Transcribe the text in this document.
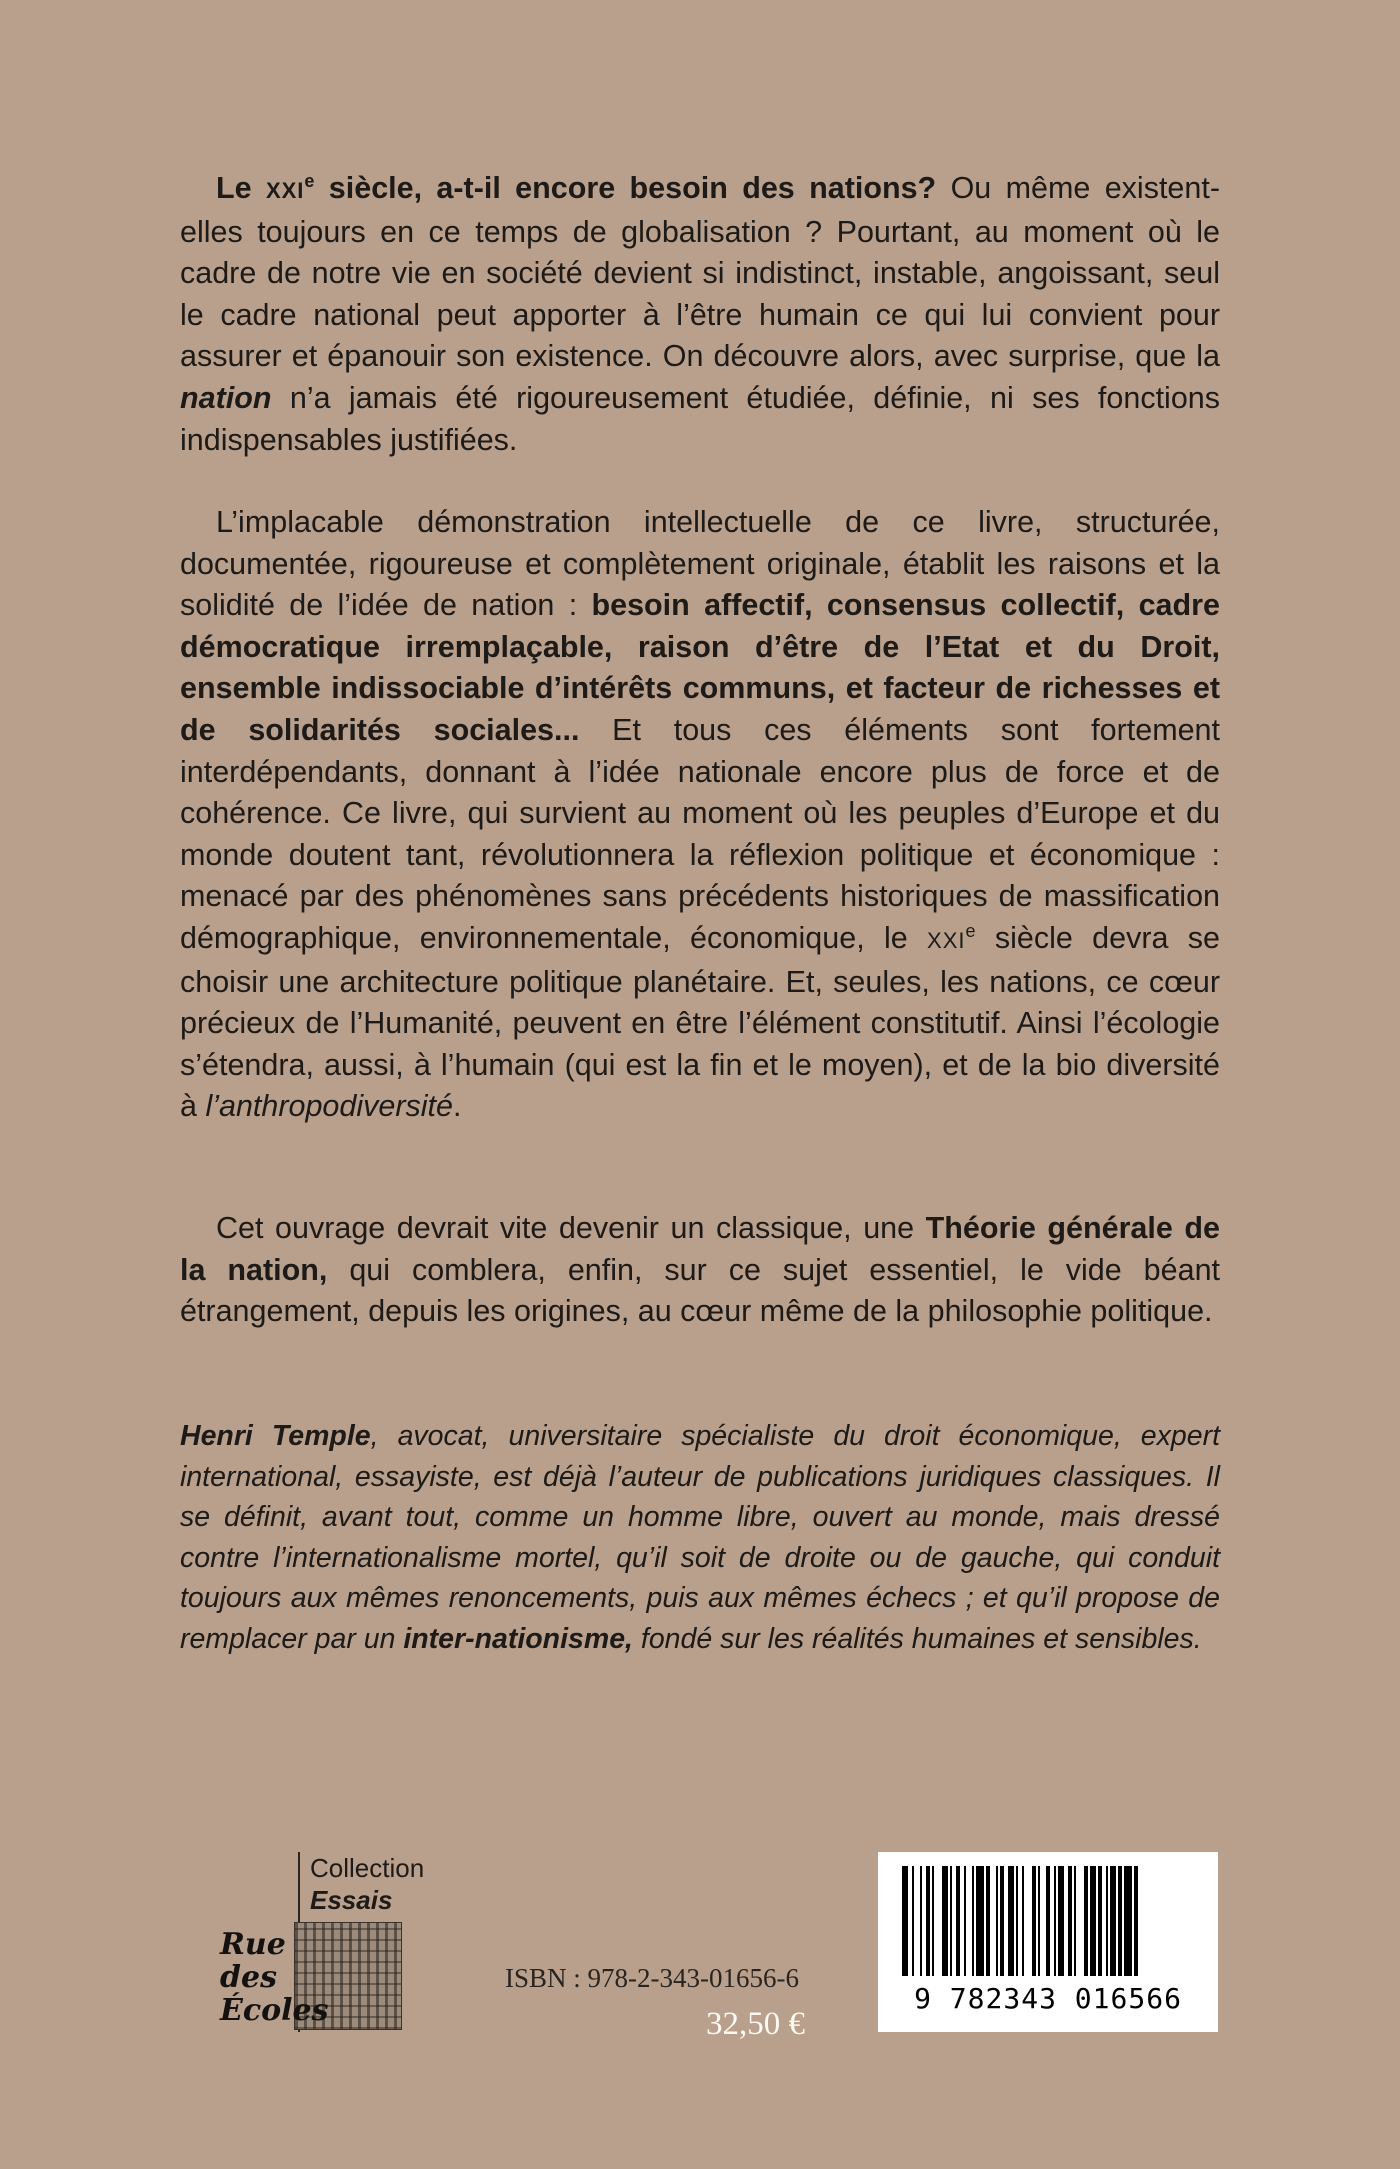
Le XXIe siècle, a-t-il encore besoin des nations? Ou même existent-elles toujours en ce temps de globalisation ? Pourtant, au moment où le cadre de notre vie en société devient si indistinct, instable, angoissant, seul le cadre national peut apporter à l’être humain ce qui lui convient pour assurer et épanouir son existence. On découvre alors, avec surprise, que la nation n’a jamais été rigoureusement étudiée, définie, ni ses fonctions indispensables justifiées.

L’implacable démonstration intellectuelle de ce livre, structurée, documentée, rigoureuse et complètement originale, établit les raisons et la solidité de l’idée de nation : besoin affectif, consensus collectif, cadre démocratique irremplaçable, raison d’être de l’Etat et du Droit, ensemble indissociable d’intérêts communs, et facteur de richesses et de solidarités sociales... Et tous ces éléments sont fortement interdépendants, donnant à l’idée nationale encore plus de force et de cohérence. Ce livre, qui survient au moment où les peuples d’Europe et du monde doutent tant, révolutionnera la réflexion politique et économique : menacé par des phénomènes sans précédents historiques de massification démographique, environnementale, économique, le XXIe siècle devra se choisir une architecture politique planétaire. Et, seules, les nations, ce cœur précieux de l’Humanité, peuvent en être l’élément constitutif. Ainsi l’écologie s’étendra, aussi, à l’humain (qui est la fin et le moyen), et de la bio diversité à l’anthropodiversité.

Cet ouvrage devrait vite devenir un classique, une Théorie générale de la nation, qui comblera, enfin, sur ce sujet essentiel, le vide béant étrangement, depuis les origines, au cœur même de la philosophie politique.

Henri Temple, avocat, universitaire spécialiste du droit économique, expert international, essayiste, est déjà l’auteur de publications juridiques classiques. Il se définit, avant tout, comme un homme libre, ouvert au monde, mais dressé contre l’internationalisme mortel, qu’il soit de droite ou de gauche, qui conduit toujours aux mêmes renoncements, puis aux mêmes échecs ; et qu’il propose de remplacer par un inter-nationisme, fondé sur les réalités humaines et sensibles.

Collection
Essais
Rue
des
Écoles
ISBN : 978-2-343-01656-6
32,50 €
9 782343 016566
